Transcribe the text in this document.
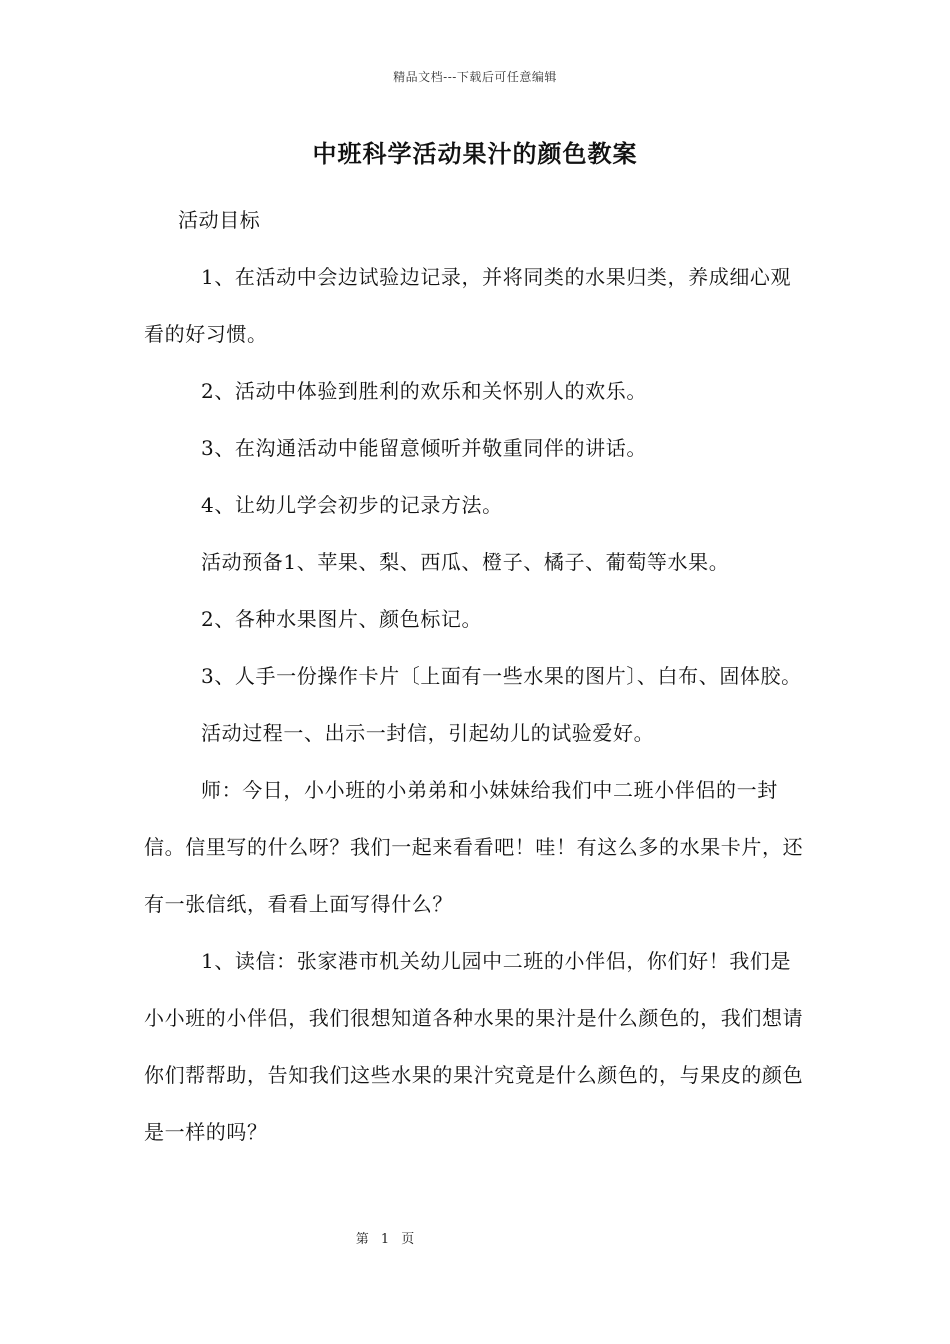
精品文档---下载后可任意编辑
中班科学活动果汁的颜色教案

活动目标

1、在活动中会边试验边记录，并将同类的水果归类，养成细心观看的好习惯。

2、活动中体验到胜利的欢乐和关怀别人的欢乐。

3、在沟通活动中能留意倾听并敬重同伴的讲话。

4、让幼儿学会初步的记录方法。

活动预备1、苹果、梨、西瓜、橙子、橘子、葡萄等水果。

2、各种水果图片、颜色标记。

3、人手一份操作卡片〔上面有一些水果的图片〕、白布、固体胶。

活动过程一、出示一封信，引起幼儿的试验爱好。

师：今日，小小班的小弟弟和小妹妹给我们中二班小伴侣的一封信。信里写的什么呀？我们一起来看看吧！哇！有这么多的水果卡片，还有一张信纸，看看上面写得什么？

1、读信：张家港市机关幼儿园中二班的小伴侣，你们好！我们是小小班的小伴侣，我们很想知道各种水果的果汁是什么颜色的，我们想请你们帮帮助，告知我们这些水果的果汁究竟是什么颜色的，与果皮的颜色是一样的吗？

第 1 页
